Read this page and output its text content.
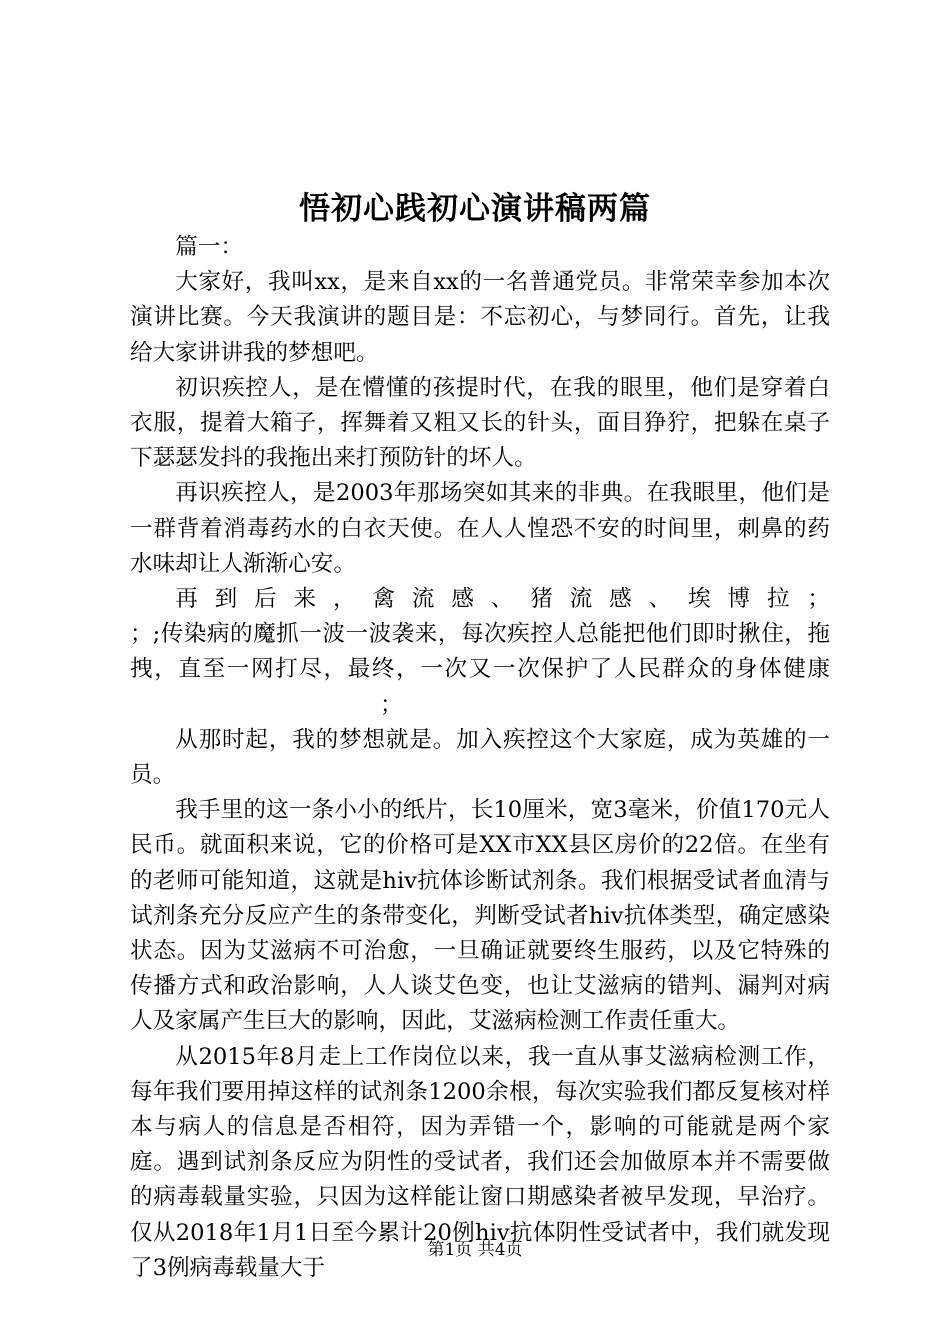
悟初心践初心演讲稿两篇

篇一：

大家好，我叫xx，是来自xx的一名普通党员。非常荣幸参加本次演讲比赛。今天我演讲的题目是：不忘初心，与梦同行。首先，让我给大家讲讲我的梦想吧。

初识疾控人，是在懵懂的孩提时代，在我的眼里，他们是穿着白衣服，提着大箱子，挥舞着又粗又长的针头，面目狰狞，把躲在桌子下瑟瑟发抖的我拖出来打预防针的坏人。

再识疾控人，是2003年那场突如其来的非典。在我眼里，他们是一群背着消毒药水的白衣天使。在人人惶恐不安的时间里，刺鼻的药水味却让人渐渐心安。

再到后来，禽流感、猪流感、埃博拉；

；;传染病的魔抓一波一波袭来，每次疾控人总能把他们即时揪住，拖拽，直至一网打尽，最终，一次又一次保护了人民群众的身体健康；

从那时起，我的梦想就是。加入疾控这个大家庭，成为英雄的一员。

我手里的这一条小小的纸片，长10厘米，宽3毫米，价值170元人民币。就面积来说，它的价格可是XX市XX县区房价的22倍。在坐有的老师可能知道，这就是hiv抗体诊断试剂条。我们根据受试者血清与试剂条充分反应产生的条带变化，判断受试者hiv抗体类型，确定感染状态。因为艾滋病不可治愈，一旦确证就要终生服药，以及它特殊的传播方式和政治影响，人人谈艾色变，也让艾滋病的错判、漏判对病人及家属产生巨大的影响，因此，艾滋病检测工作责任重大。

从2015年8月走上工作岗位以来，我一直从事艾滋病检测工作，每年我们要用掉这样的试剂条1200余根，每次实验我们都反复核对样本与病人的信息是否相符，因为弄错一个，影响的可能就是两个家庭。遇到试剂条反应为阴性的受试者，我们还会加做原本并不需要做的病毒载量实验，只因为这样能让窗口期感染者被早发现，早治疗。仅从2018年1月1日至今累计20例hiv抗体阴性受试者中，我们就发现了3例病毒载量大于

第1页 共4页
